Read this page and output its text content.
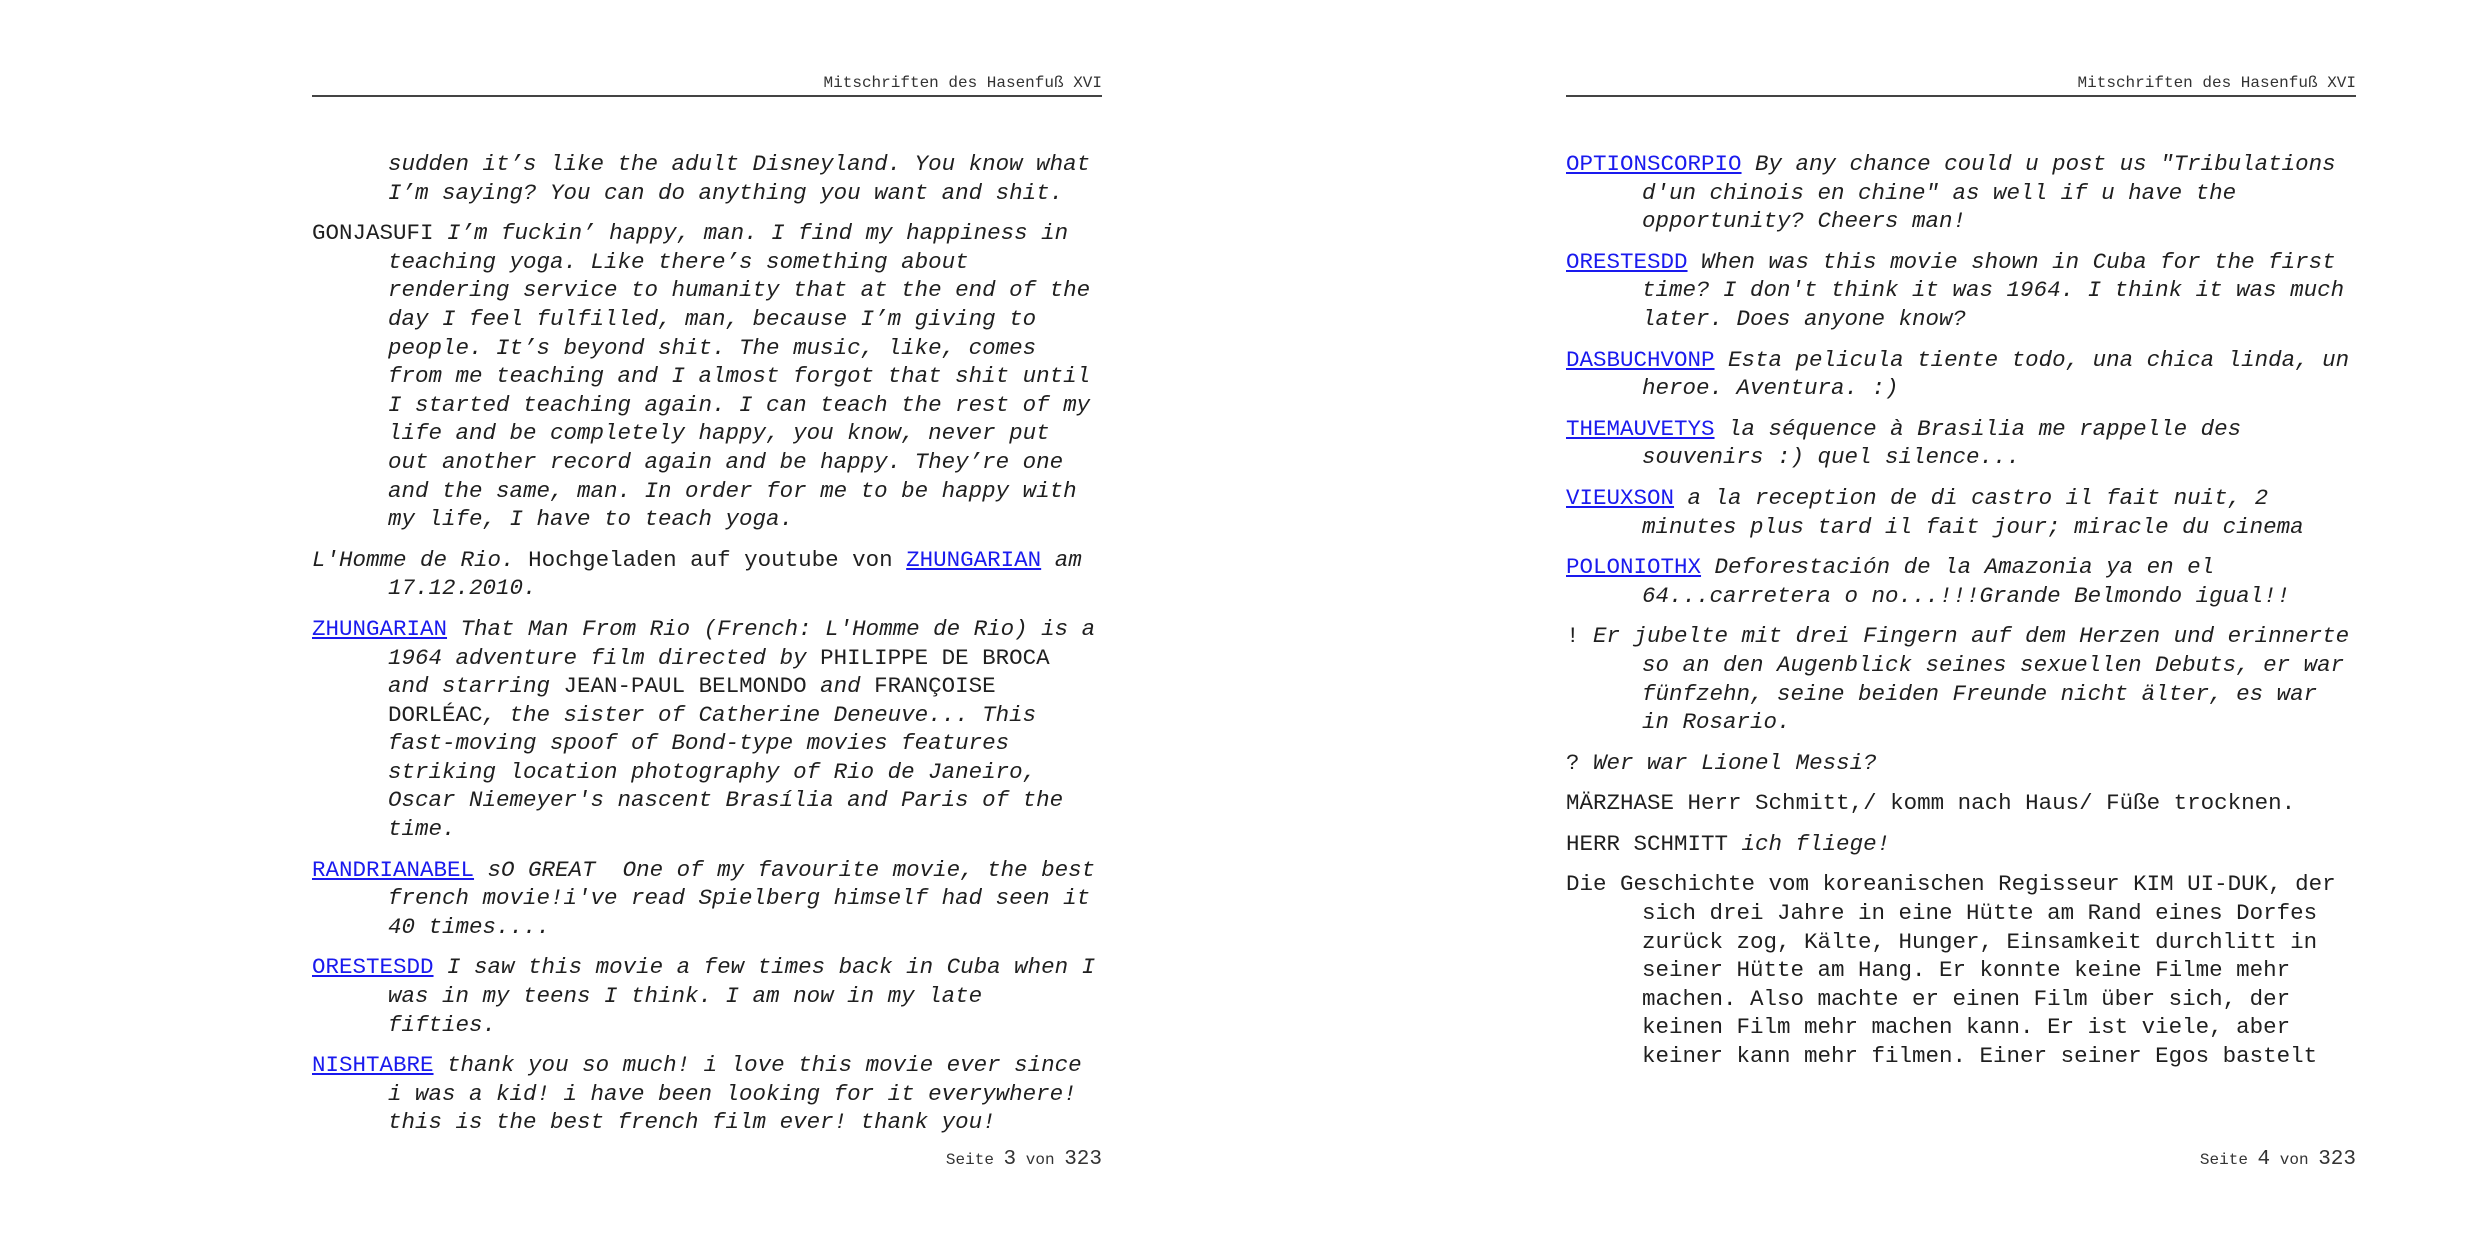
Mitschriften des Hasenfuß XVI

sudden it’s like the adult Disneyland. You know what I’m saying? You can do anything you want and shit.

GONJASUFI I’m fuckin’ happy, man. I find my happiness in teaching yoga. Like there’s something about rendering service to humanity that at the end of the day I feel fulfilled, man, because I’m giving to people. It’s beyond shit. The music, like, comes from me teaching and I almost forgot that shit until I started teaching again. I can teach the rest of my life and be completely happy, you know, never put out another record again and be happy. They’re one and the same, man. In order for me to be happy with my life, I have to teach yoga.

L'Homme de Rio. Hochgeladen auf youtube von ZHUNGARIAN am 17.12.2010.

ZHUNGARIAN That Man From Rio (French: L'Homme de Rio) is a 1964 adventure film directed by PHILIPPE DE BROCA and starring JEAN-PAUL BELMONDO and FRANÇOISE DORLÉAC, the sister of Catherine Deneuve... This fast-moving spoof of Bond-type movies features striking location photography of Rio de Janeiro, Oscar Niemeyer's nascent Brasília and Paris of the time.

RANDRIANABEL sO GREAT  One of my favourite movie, the best french movie!i've read Spielberg himself had seen it 40 times....

ORESTESDD I saw this movie a few times back in Cuba when I was in my teens I think. I am now in my late fifties.

NISHTABRE thank you so much! i love this movie ever since i was a kid! i have been looking for it everywhere! this is the best french film ever! thank you!

Seite 3 von 323
Mitschriften des Hasenfuß XVI

OPTIONSCORPIO By any chance could u post us "Tribulations d'un chinois en chine" as well if u have the opportunity? Cheers man!

ORESTESDD When was this movie shown in Cuba for the first time? I don't think it was 1964. I think it was much later. Does anyone know?

DASBUCHVONP Esta pelicula tiente todo, una chica linda, un heroe. Aventura. :)

THEMAUVETYS la séquence à Brasilia me rappelle des souvenirs :) quel silence...

VIEUXSON a la reception de di castro il fait nuit, 2 minutes plus tard il fait jour; miracle du cinema

POLONIOTHX Deforestación de la Amazonia ya en el 64...carretera o no...!!!Grande Belmondo igual!!

! Er jubelte mit drei Fingern auf dem Herzen und erinnerte so an den Augenblick seines sexuellen Debuts, er war fünfzehn, seine beiden Freunde nicht älter, es war in Rosario.

? Wer war Lionel Messi?

MÄRZHASE Herr Schmitt,/ komm nach Haus/ Füße trocknen.

HERR SCHMITT ich fliege!

Die Geschichte vom koreanischen Regisseur KIM UI-DUK, der sich drei Jahre in eine Hütte am Rand eines Dorfes zurück zog, Kälte, Hunger, Einsamkeit durchlitt in seiner Hütte am Hang. Er konnte keine Filme mehr machen. Also machte er einen Film über sich, der keinen Film mehr machen kann. Er ist viele, aber keiner kann mehr filmen. Einer seiner Egos bastelt

Seite 4 von 323
